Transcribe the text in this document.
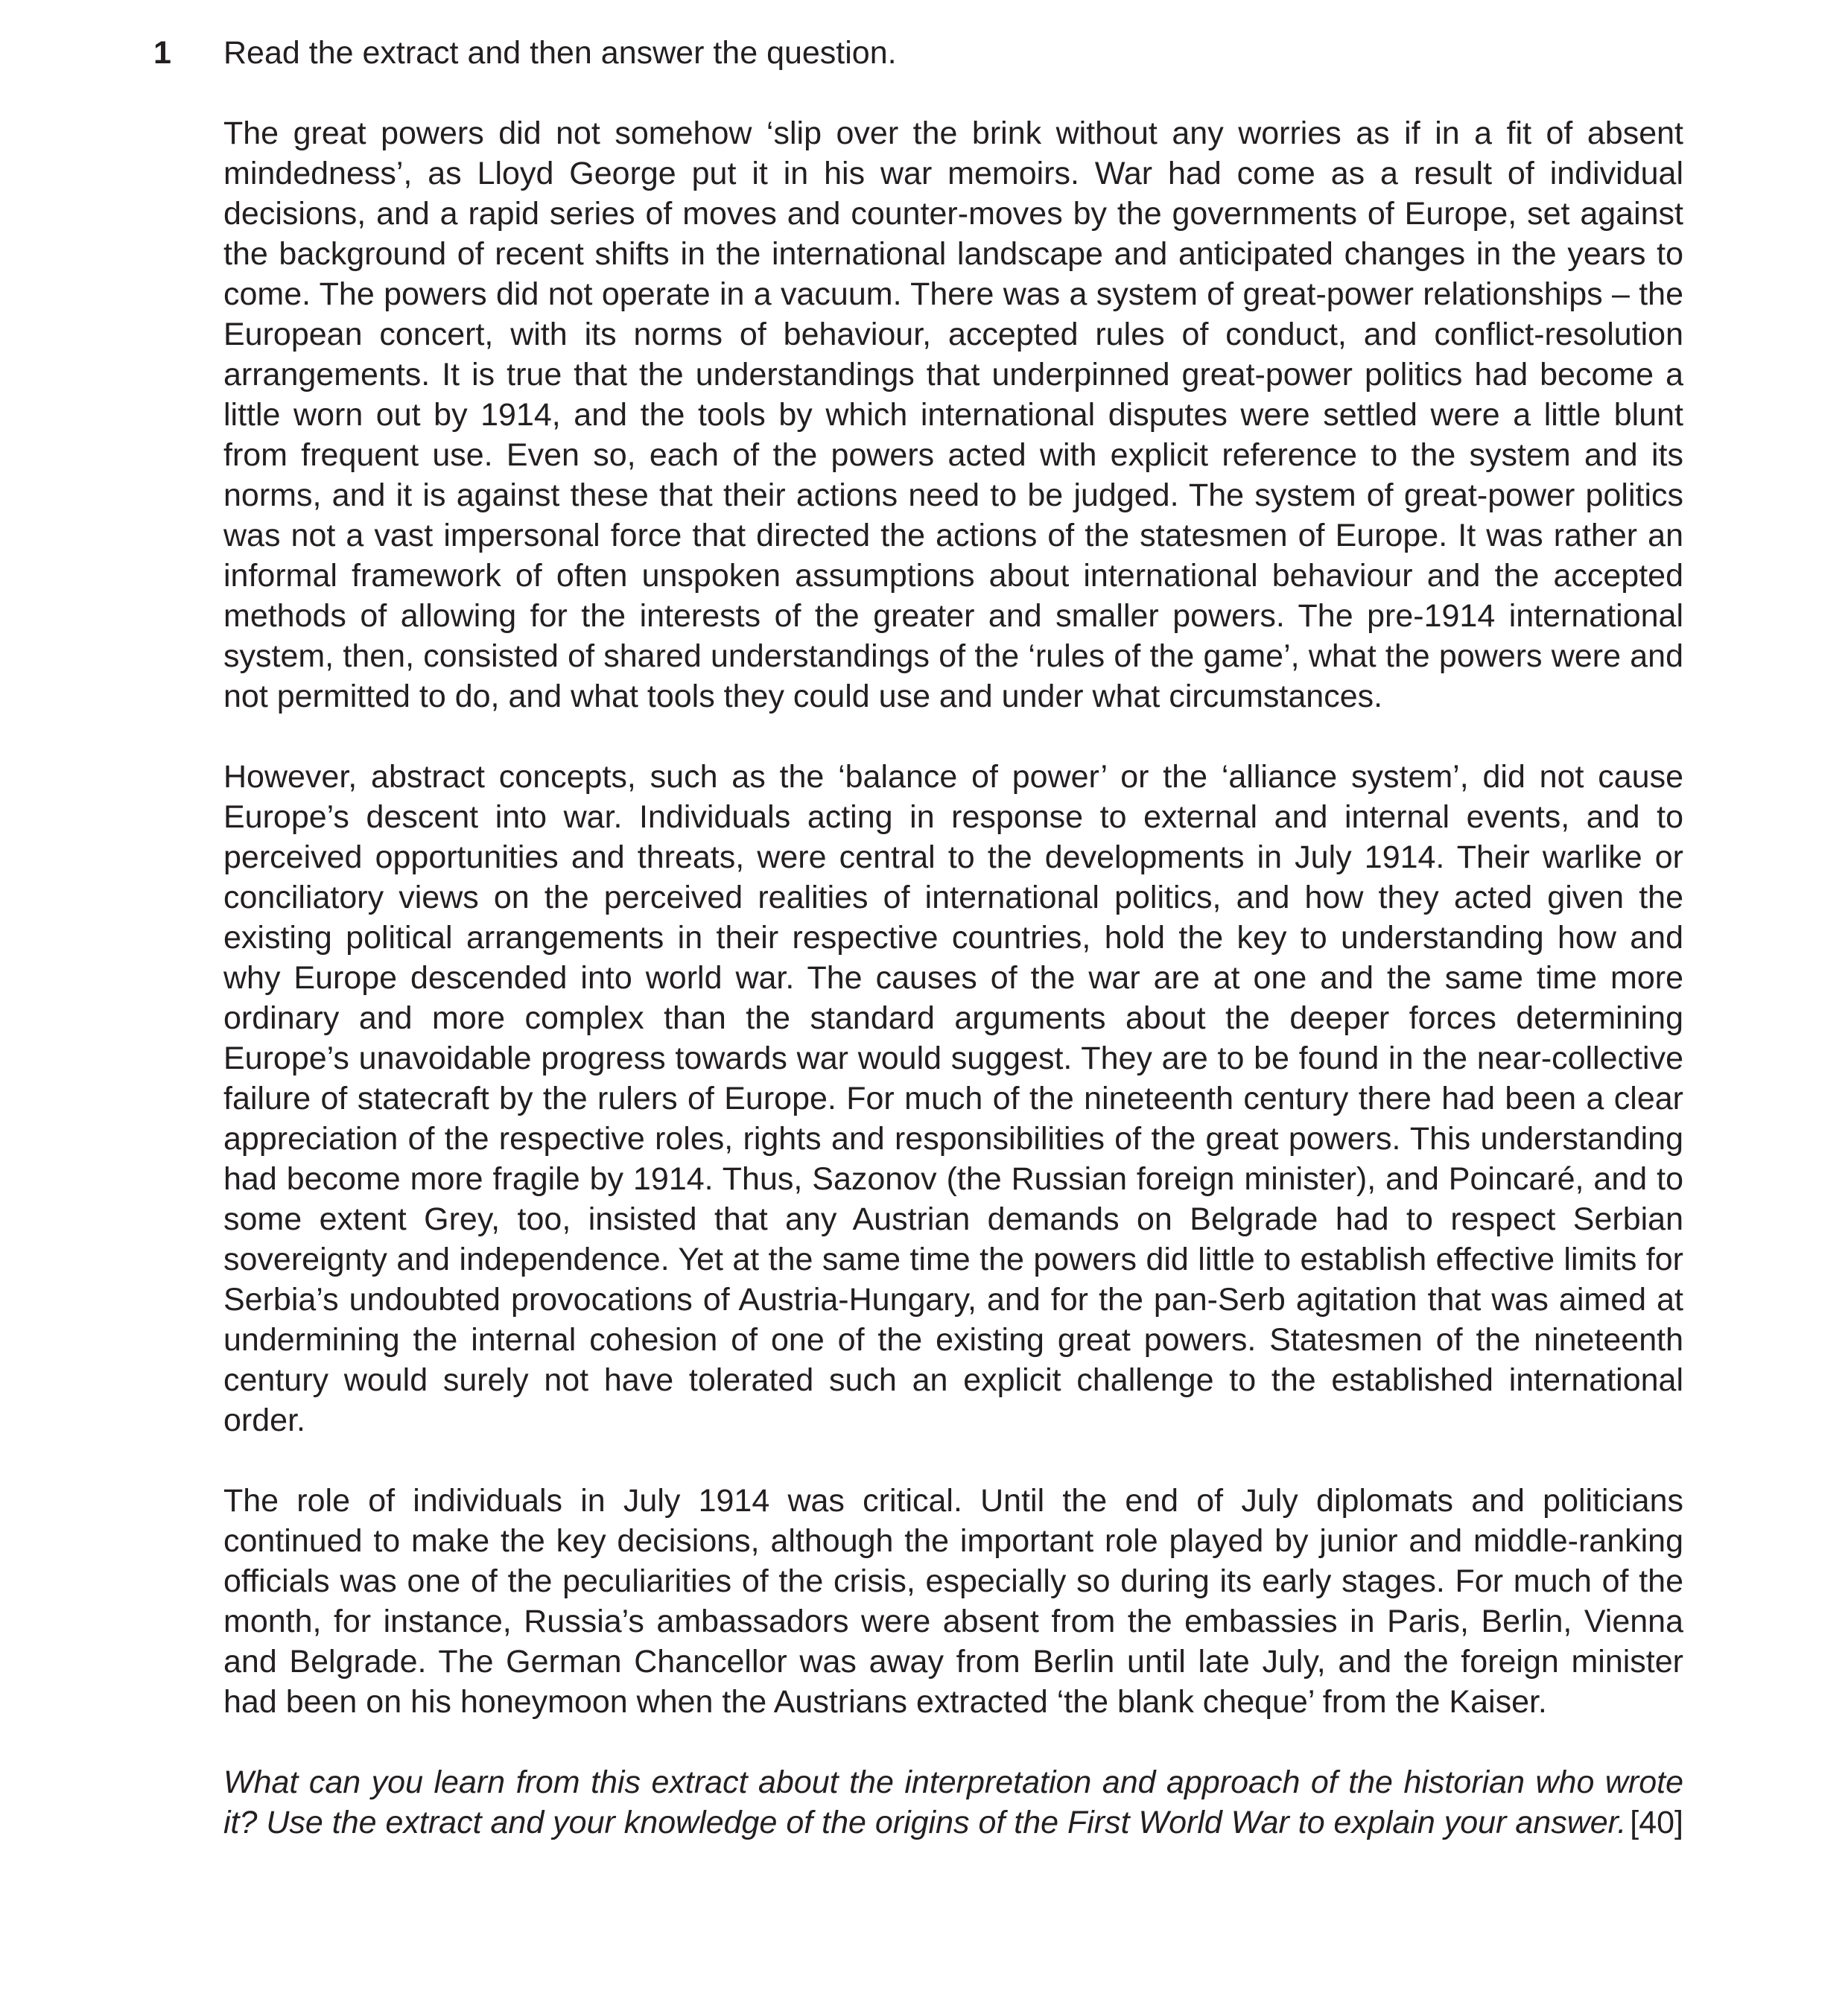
1 Read the extract and then answer the question.

The great powers did not somehow ‘slip over the brink without any worries as if in a fit of absent mindedness’, as Lloyd George put it in his war memoirs. War had come as a result of individual decisions, and a rapid series of moves and counter-moves by the governments of Europe, set against the background of recent shifts in the international landscape and anticipated changes in the years to come. The powers did not operate in a vacuum. There was a system of great-power relationships – the European concert, with its norms of behaviour, accepted rules of conduct, and conflict-resolution arrangements. It is true that the understandings that underpinned great-power politics had become a little worn out by 1914, and the tools by which international disputes were settled were a little blunt from frequent use. Even so, each of the powers acted with explicit reference to the system and its norms, and it is against these that their actions need to be judged. The system of great-power politics was not a vast impersonal force that directed the actions of the statesmen of Europe. It was rather an informal framework of often unspoken assumptions about international behaviour and the accepted methods of allowing for the interests of the greater and smaller powers. The pre-1914 international system, then, consisted of shared understandings of the ‘rules of the game’, what the powers were and not permitted to do, and what tools they could use and under what circumstances.

However, abstract concepts, such as the ‘balance of power’ or the ‘alliance system’, did not cause Europe’s descent into war. Individuals acting in response to external and internal events, and to perceived opportunities and threats, were central to the developments in July 1914. Their warlike or conciliatory views on the perceived realities of international politics, and how they acted given the existing political arrangements in their respective countries, hold the key to understanding how and why Europe descended into world war. The causes of the war are at one and the same time more ordinary and more complex than the standard arguments about the deeper forces determining Europe’s unavoidable progress towards war would suggest. They are to be found in the near-collective failure of statecraft by the rulers of Europe. For much of the nineteenth century there had been a clear appreciation of the respective roles, rights and responsibilities of the great powers. This understanding had become more fragile by 1914. Thus, Sazonov (the Russian foreign minister), and Poincaré, and to some extent Grey, too, insisted that any Austrian demands on Belgrade had to respect Serbian sovereignty and independence. Yet at the same time the powers did little to establish effective limits for Serbia’s undoubted provocations of Austria-Hungary, and for the pan-Serb agitation that was aimed at undermining the internal cohesion of one of the existing great powers. Statesmen of the nineteenth century would surely not have tolerated such an explicit challenge to the established international order.

The role of individuals in July 1914 was critical. Until the end of July diplomats and politicians continued to make the key decisions, although the important role played by junior and middle-ranking officials was one of the peculiarities of the crisis, especially so during its early stages. For much of the month, for instance, Russia’s ambassadors were absent from the embassies in Paris, Berlin, Vienna and Belgrade. The German Chancellor was away from Berlin until late July, and the foreign minister had been on his honeymoon when the Austrians extracted ‘the blank cheque’ from the Kaiser.

What can you learn from this extract about the interpretation and approach of the historian who wrote it? Use the extract and your knowledge of the origins of the First World War to explain your answer. [40]
